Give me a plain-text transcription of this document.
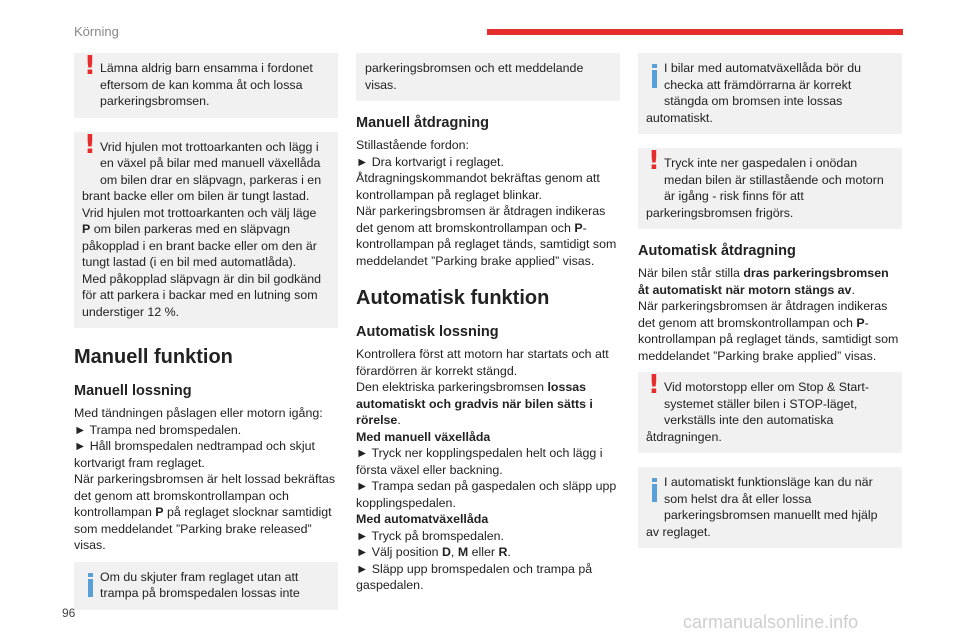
Körning
!

Lämna aldrig barn ensamma i fordonet eftersom de kan komma åt och lossa parkeringsbromsen.

!

Vrid hjulen mot trottoarkanten och lägg i en växel på bilar med manuell växellåda om bilen drar en släpvagn, parkeras i en brant backe eller om bilen är tungt lastad.
Vrid hjulen mot trottoarkanten och välj läge
P om bilen parkeras med en släpvagn påkopplad i en brant backe eller om den är tungt lastad (i en bil med automatlåda).
Med påkopplad släpvagn är din bil godkänd för att parkera i backar med en lutning som understiger 12 %.

Manuell funktion
Manuell lossning

Med tändningen påslagen eller motorn igång:
► Trampa ned bromspedalen.
► Håll bromspedalen nedtrampad och skjut kortvarigt fram reglaget.
När parkeringsbromsen är helt lossad bekräftas det genom att bromskontrollampan och kontrollampan P på reglaget slocknar samtidigt som meddelandet ”Parking brake released” visas.

Om du skjuter fram reglaget utan att trampa på bromspedalen lossas inte

parkeringsbromsen och ett meddelande visas.

Manuell åtdragning

Stillastående fordon:
► Dra kortvarigt i reglaget.
Åtdragningskommandot bekräftas genom att kontrollampan på reglaget blinkar.
När parkeringsbromsen är åtdragen indikeras det genom att bromskontrollampan och P-kontrollampan på reglaget tänds, samtidigt som meddelandet ”Parking brake applied” visas.

Automatisk funktion
Automatisk lossning

Kontrollera först att motorn har startats och att förardörren är korrekt stängd.
Den elektriska parkeringsbromsen lossas automatiskt och gradvis när bilen sätts i rörelse.
Med manuell växellåda
► Tryck ner kopplingspedalen helt och lägg i första växel eller backning.
► Trampa sedan på gaspedalen och släpp upp kopplingspedalen.
Med automatväxellåda
► Tryck på bromspedalen.
► Välj position D, M eller R.
► Släpp upp bromspedalen och trampa på gaspedalen.

I bilar med automatväxellåda bör du checka att främdörrarna är korrekt stängda om bromsen inte lossas automatiskt.

!

Tryck inte ner gaspedalen i onödan medan bilen är stillastående och motorn är igång - risk finns för att parkeringsbromsen frigörs.

Automatisk åtdragning

När bilen står stilla dras parkeringsbromsen åt automatiskt när motorn stängs av.
När parkeringsbromsen är åtdragen indikeras det genom att bromskontrollampan och P-kontrollampan på reglaget tänds, samtidigt som meddelandet ”Parking brake applied” visas.

!

Vid motorstopp eller om Stop & Start-systemet ställer bilen i STOP-läget, verkställs inte den automatiska åtdragningen.

I automatiskt funktionsläge kan du när som helst dra åt eller lossa parkeringsbromsen manuellt med hjälp av reglaget.

96	carmanualsonline.info
